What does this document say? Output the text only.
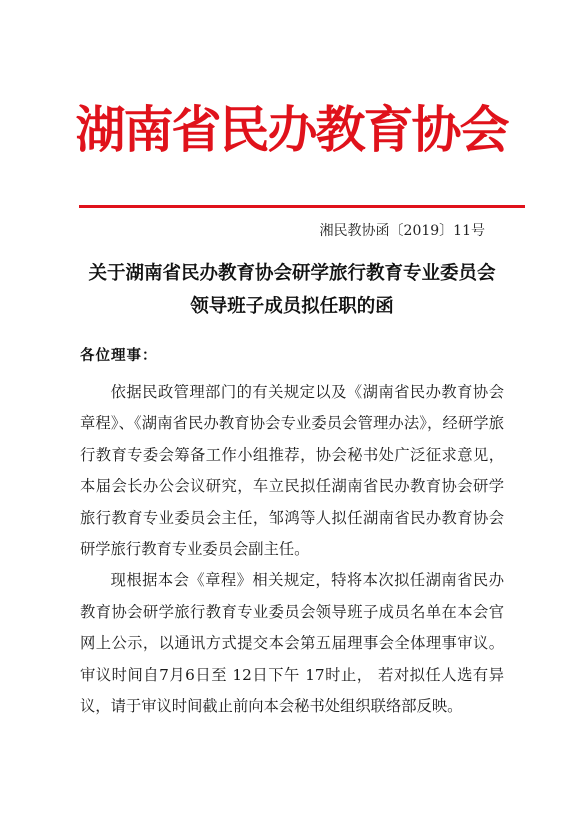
湖南省民办教育协会
湘民教协函〔2019〕11号
关于湖南省民办教育协会研学旅行教育专业委员会领导班子成员拟任职的函
各位理事：

依据民政管理部门的有关规定以及《湖南省民办教育协会章程》、《湖南省民办教育协会专业委员会管理办法》，经研学旅行教育专委会筹备工作小组推荐，协会秘书处广泛征求意见，本届会长办公会议研究，车立民拟任湖南省民办教育协会研学旅行教育专业委员会主任，邹鸿等人拟任湖南省民办教育协会研学旅行教育专业委员会副主任。

现根据本会《章程》相关规定，特将本次拟任湖南省民办教育协会研学旅行教育专业委员会领导班子成员名单在本会官网上公示，以通讯方式提交本会第五届理事会全体理事审议。审议时间自7月6日至 12日下午 17时止， 若对拟任人选有异议，请于审议时间截止前向本会秘书处组织联络部反映。
